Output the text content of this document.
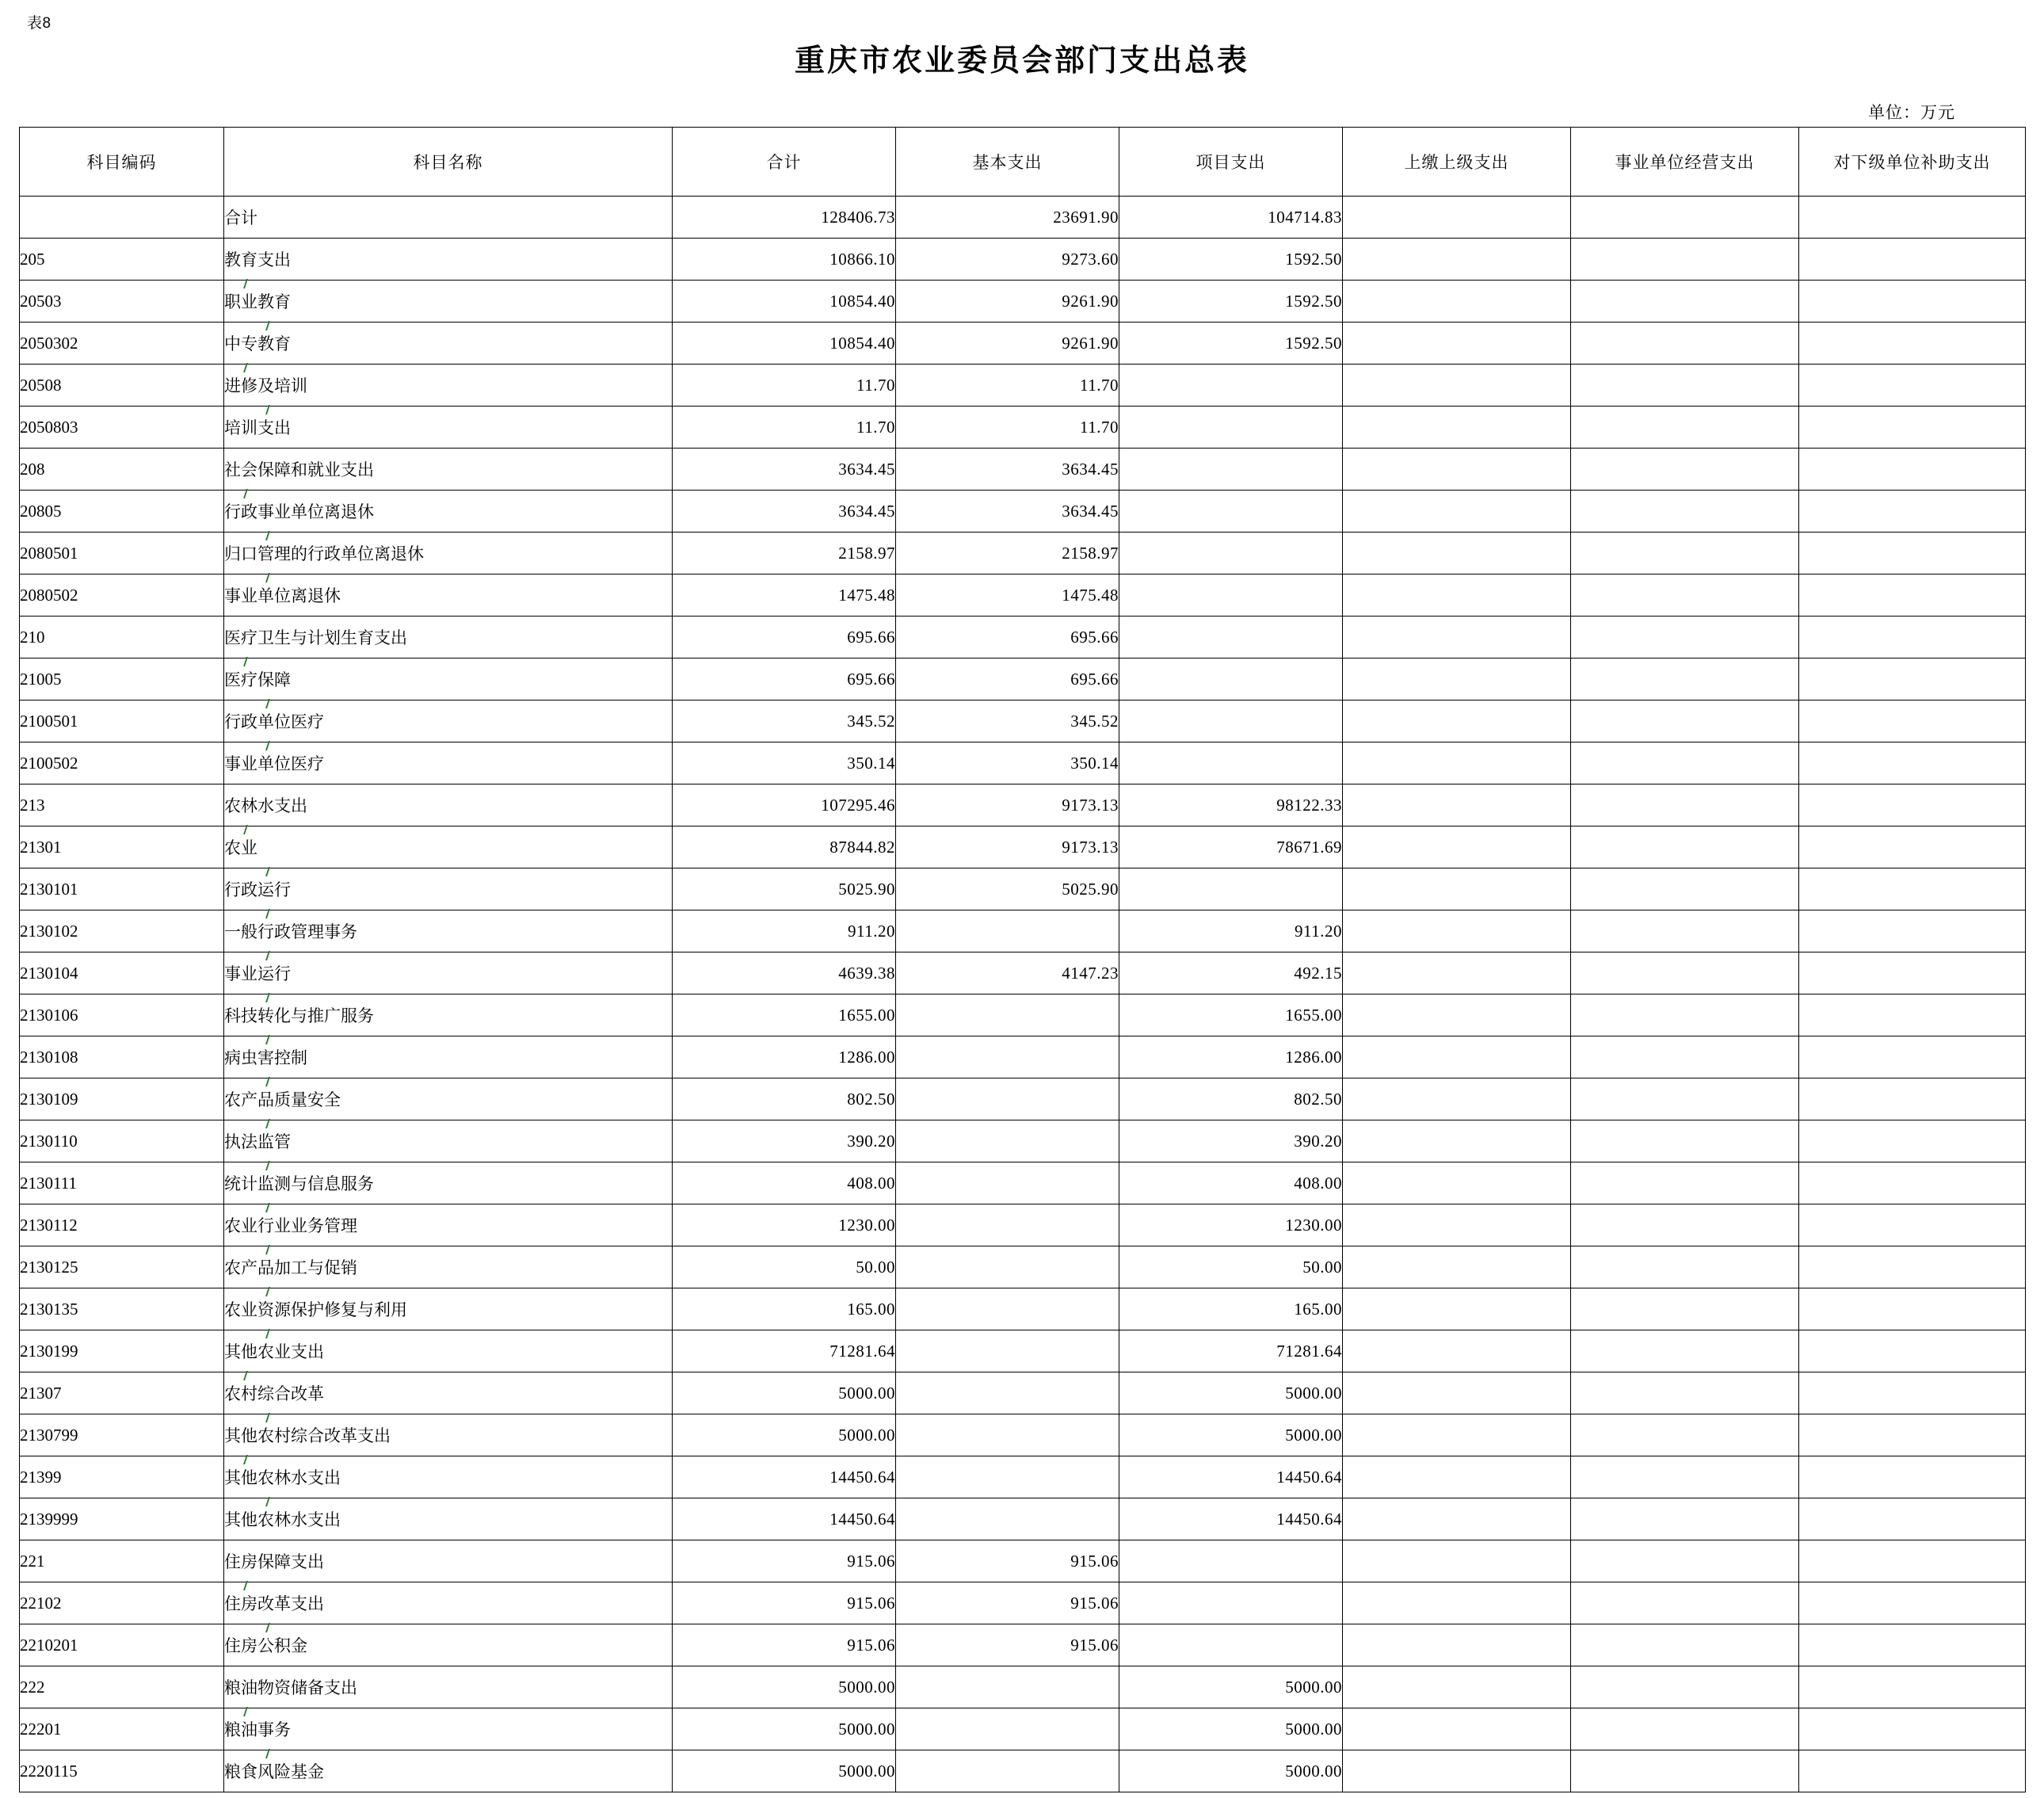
表8
重庆市农业委员会部门支出总表
单位：万元
科目编码	科目名称	合计	基本支出	项目支出	上缴上级支出	事业单位经营支出	对下级单位补助支出
	合计	128406.73	23691.90	104714.83			
205	教育支出	10866.10	9273.60	1592.50			
20503	职业教育	10854.40	9261.90	1592.50			
2050302	中专教育	10854.40	9261.90	1592.50			
20508	进修及培训	11.70	11.70				
2050803	培训支出	11.70	11.70				
208	社会保障和就业支出	3634.45	3634.45				
20805	行政事业单位离退休	3634.45	3634.45				
2080501	归口管理的行政单位离退休	2158.97	2158.97				
2080502	事业单位离退休	1475.48	1475.48				
210	医疗卫生与计划生育支出	695.66	695.66				
21005	医疗保障	695.66	695.66				
2100501	行政单位医疗	345.52	345.52				
2100502	事业单位医疗	350.14	350.14				
213	农林水支出	107295.46	9173.13	98122.33			
21301	农业	87844.82	9173.13	78671.69			
2130101	行政运行	5025.90	5025.90				
2130102	一般行政管理事务	911.20		911.20			
2130104	事业运行	4639.38	4147.23	492.15			
2130106	科技转化与推广服务	1655.00		1655.00			
2130108	病虫害控制	1286.00		1286.00			
2130109	农产品质量安全	802.50		802.50			
2130110	执法监管	390.20		390.20			
2130111	统计监测与信息服务	408.00		408.00			
2130112	农业行业业务管理	1230.00		1230.00			
2130125	农产品加工与促销	50.00		50.00			
2130135	农业资源保护修复与利用	165.00		165.00			
2130199	其他农业支出	71281.64		71281.64			
21307	农村综合改革	5000.00		5000.00			
2130799	其他农村综合改革支出	5000.00		5000.00			
21399	其他农林水支出	14450.64		14450.64			
2139999	其他农林水支出	14450.64		14450.64			
221	住房保障支出	915.06	915.06				
22102	住房改革支出	915.06	915.06				
2210201	住房公积金	915.06	915.06				
222	粮油物资储备支出	5000.00		5000.00			
22201	粮油事务	5000.00		5000.00			
2220115	粮食风险基金	5000.00		5000.00			
